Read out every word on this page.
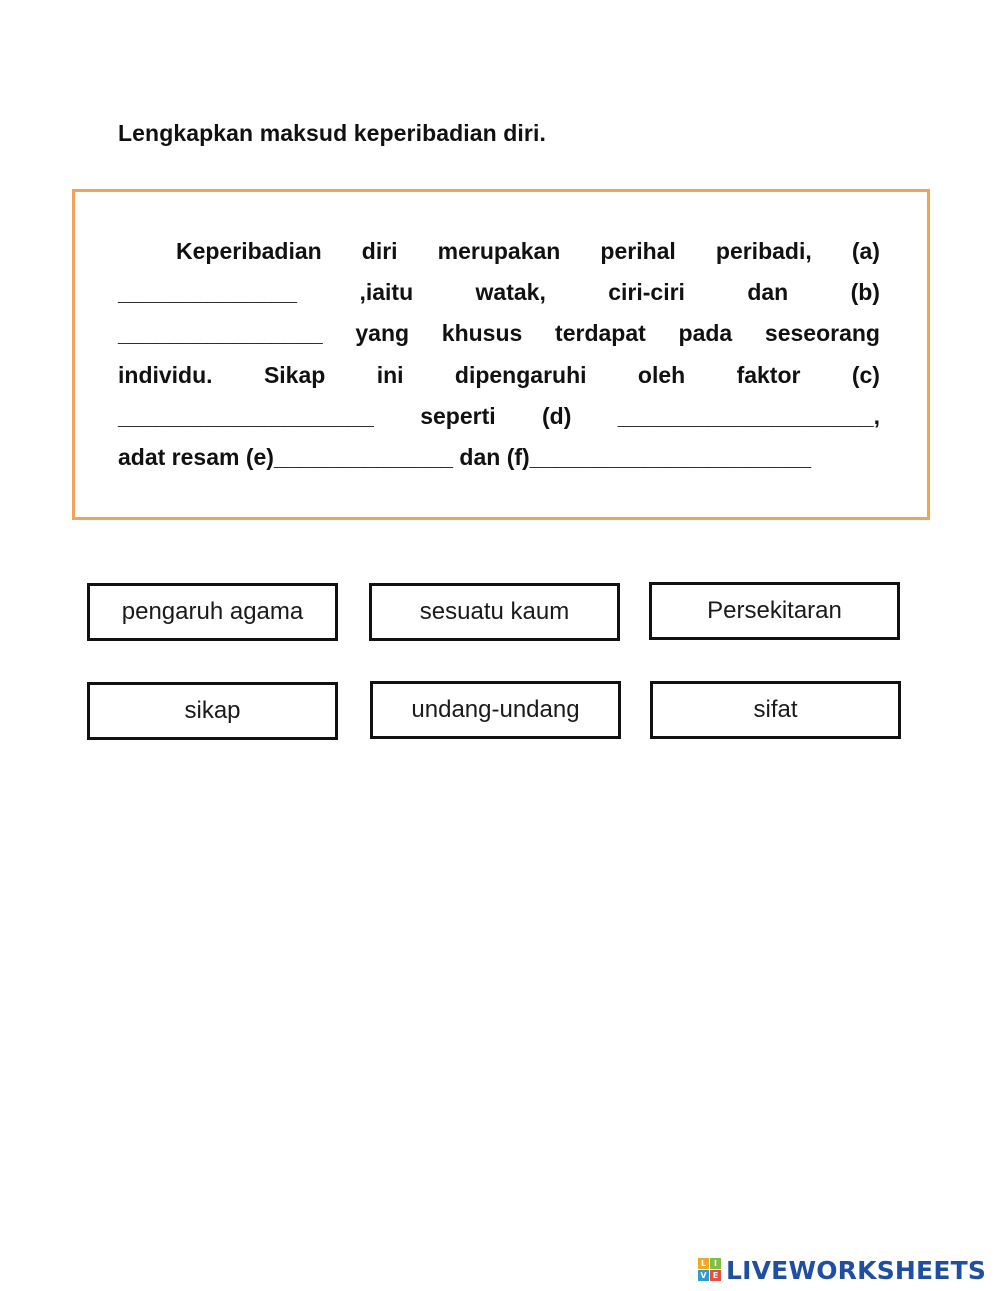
Lengkapkan maksud keperibadian diri.
Keperibadian diri merupakan perihal peribadi, (a)
______________	,iaitu	watak,	ciri-ciri	dan	(b)
________________ yang khusus terdapat pada seseorang
individu. Sikap ini dipengaruhi oleh faktor (c)
____________________ seperti (d) ____________________,
adat resam (e)______________ dan (f)______________________
pengaruh agama	sesuatu kaum	Persekitaran
sikap	undang-undang	sifat
L I
V E LIVEWORKSHEETS
